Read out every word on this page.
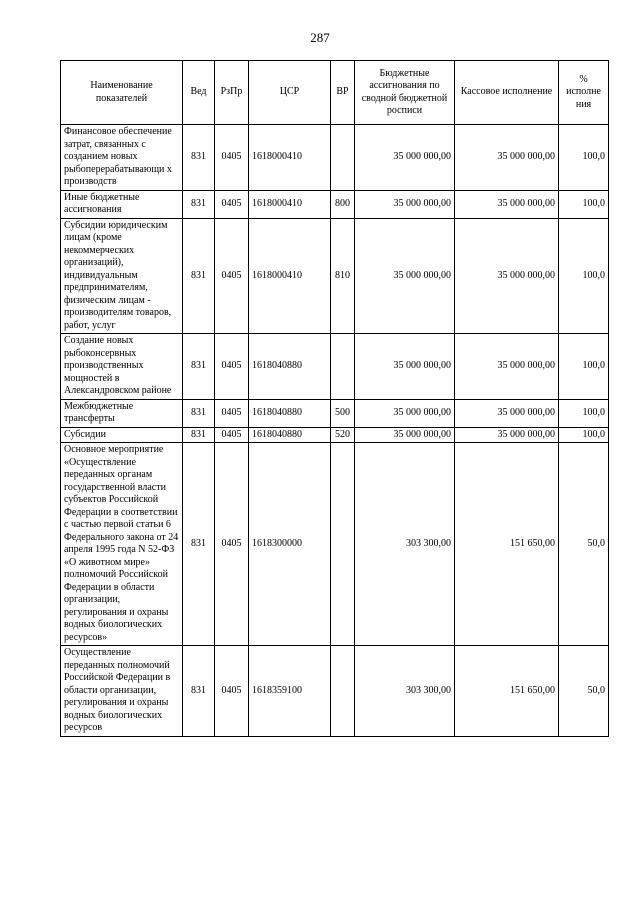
287
Наименование показателей	Вед	РзПр	ЦСР	ВР	Бюджетные ассигнования по сводной бюджетной росписи	Кассовое исполнение	% исполне ния
Финансовое обеспечение затрат, связанных с созданием новых рыбоперерабатывающи х производств	831	0405	1618000410		35 000 000,00	35 000 000,00	100,0
Иные бюджетные ассигнования	831	0405	1618000410	800	35 000 000,00	35 000 000,00	100,0
Субсидии юридическим лицам (кроме некоммерческих организаций), индивидуальным предпринимателям, физическим лицам - производителям товаров, работ, услуг	831	0405	1618000410	810	35 000 000,00	35 000 000,00	100,0
Создание новых рыбоконсервных производственных мощностей в Александровском районе	831	0405	1618040880		35 000 000,00	35 000 000,00	100,0
Межбюджетные трансферты	831	0405	1618040880	500	35 000 000,00	35 000 000,00	100,0
Субсидии	831	0405	1618040880	520	35 000 000,00	35 000 000,00	100,0
Основное мероприятие «Осуществление переданных органам государственной власти субъектов Российской Федерации в соответствии с частью первой статьи 6 Федерального закона от 24 апреля 1995 года N 52-ФЗ «О животном мире» полномочий Российской Федерации в области организации, регулирования и охраны водных биологических ресурсов»	831	0405	1618300000		303 300,00	151 650,00	50,0
Осуществление переданных полномочий Российской Федерации в области организации, регулирования и охраны водных биологических ресурсов	831	0405	1618359100		303 300,00	151 650,00	50,0
